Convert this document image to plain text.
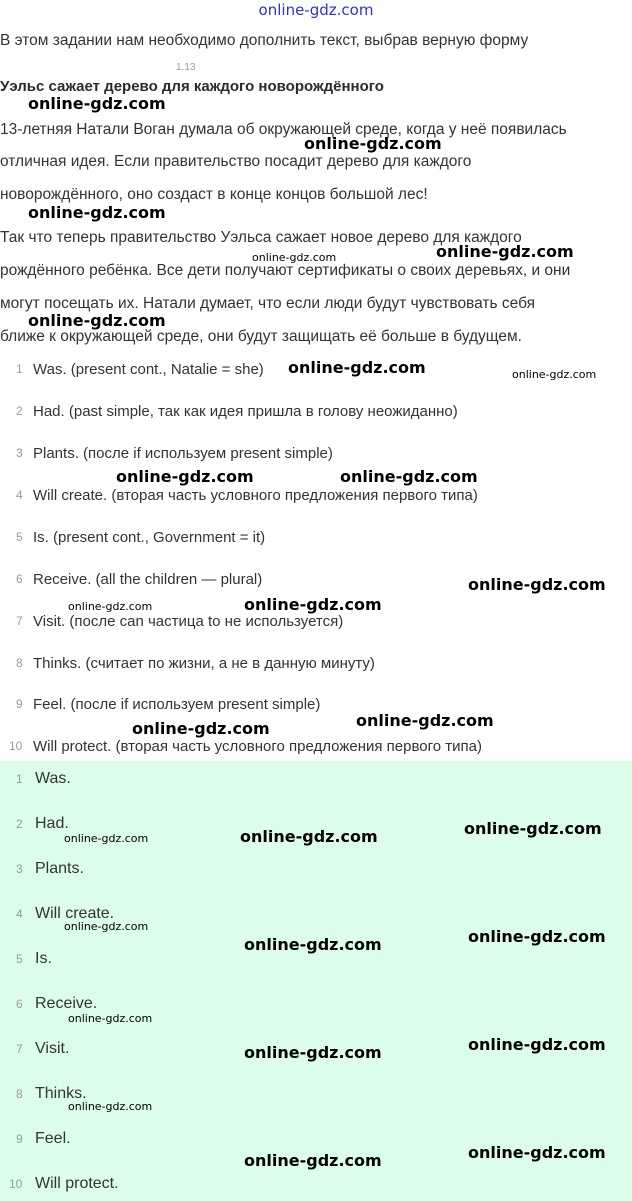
online-gdz.com
В этом задании нам необходимо дополнить текст, выбрав верную форму
1.13
Уэльс сажает дерево для каждого новорождённого
13-летняя Натали Воган думала об окружающей среде, когда у неё появилась
отличная идея. Если правительство посадит дерево для каждого
новорождённого, оно создаст в конце концов большой лес!
Так что теперь правительство Уэльса сажает новое дерево для каждого
рождённого ребёнка. Все дети получают сертификаты о своих деревьях, и они
могут посещать их. Натали думает, что если люди будут чувствовать себя
ближе к окружающей среде, они будут защищать её больше в будущем.
1 Was. (present cont., Natalie = she)
2 Had. (past simple, так как идея пришла в голову неожиданно)
3 Plants. (после if используем present simple)
4 Will create. (вторая часть условного предложения первого типа)
5 Is. (present cont., Government = it)
6 Receive. (all the children — plural)
7 Visit. (после can частица to не используется)
8 Thinks. (считает по жизни, а не в данную минуту)
9 Feel. (после if используем present simple)
10 Will protect. (вторая часть условного предложения первого типа)
1 Was.
2 Had.
3 Plants.
4 Will create.
5 Is.
6 Receive.
7 Visit.
8 Thinks.
9 Feel.
10 Will protect.
online-gdz.com
online-gdz.com
online-gdz.com	online-gdz.com
online-gdz.com
online-gdz.com
online-gdz.com	online-gdz.com
online-gdz.com	online-gdz.com
online-gdz.com
online-gdz.com	online-gdz.com
online-gdz.com	online-gdz.com
online-gdz.com	online-gdz.com	online-gdz.com
online-gdz.com
online-gdz.com	online-gdz.com
online-gdz.com
online-gdz.com	online-gdz.com
online-gdz.com
online-gdz.com	online-gdz.com
